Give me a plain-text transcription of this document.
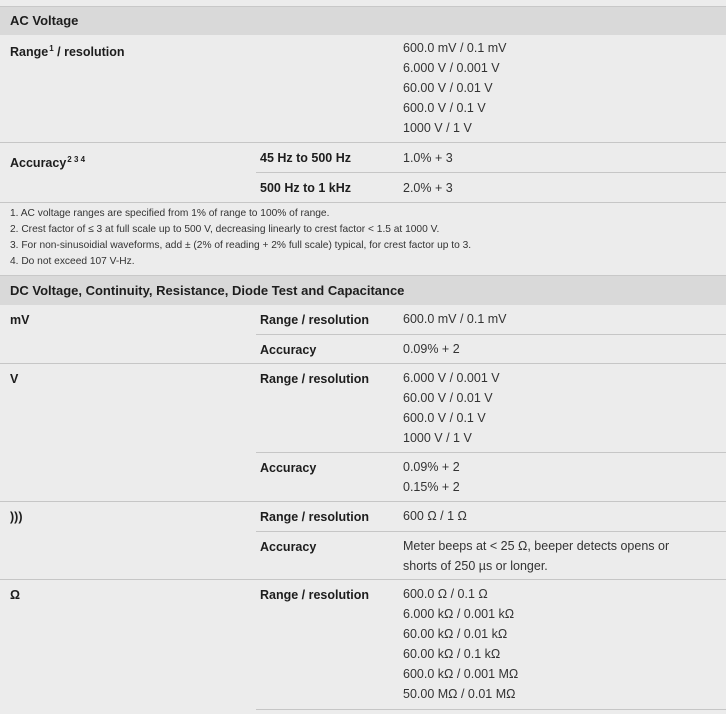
AC Voltage
Range$^1$ / resolution	600.0 mV / 0.1 mV
6.000 V / 0.001 V
60.00 V / 0.01 V
600.0 V / 0.1 V
1000 V / 1 V
Accuracy$^{2 3 4}$	45 Hz to 500 Hz	1.0% + 3
500 Hz to 1 kHz	2.0% + 3
1. AC voltage ranges are specified from 1% of range to 100% of range.
2. Crest factor of ≤ 3 at full scale up to 500 V, decreasing linearly to crest factor < 1.5 at 1000 V.
3. For non-sinusoidial waveforms, add ± (2% of reading + 2% full scale) typical, for crest factor up to 3.
4. Do not exceed 107 V-Hz.
DC Voltage, Continuity, Resistance, Diode Test and Capacitance
mV	Range / resolution	600.0 mV / 0.1 mV
Accuracy	0.09% + 2
V	Range / resolution	6.000 V / 0.001 V
60.00 V / 0.01 V
600.0 V / 0.1 V
1000 V / 1 V
Accuracy	0.09% + 2
0.15% + 2
)))	Range / resolution	600 Ω / 1 Ω
Accuracy	Meter beeps at < 25 Ω, beeper detects opens or
shorts of 250 µs or longer.
Ω	Range / resolution	600.0 Ω / 0.1 Ω
6.000 kΩ / 0.001 kΩ
60.00 kΩ / 0.01 kΩ
60.00 kΩ / 0.1 kΩ
600.0 kΩ / 0.001 MΩ
50.00 MΩ / 0.01 MΩ
